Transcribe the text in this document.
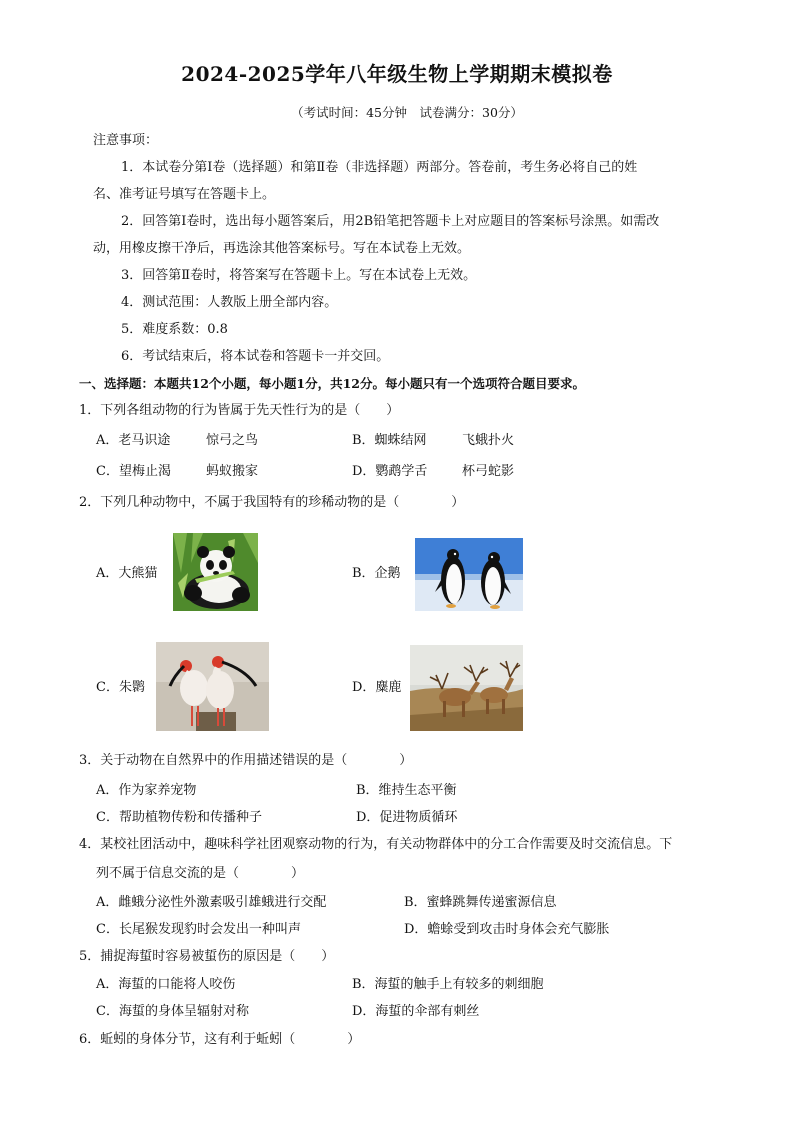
2024-2025学年八年级生物上学期期末模拟卷
（考试时间：45分钟　试卷满分：30分）
注意事项：
1．本试卷分第Ⅰ卷（选择题）和第Ⅱ卷（非选择题）两部分。答卷前，考生务必将自己的姓
名、准考证号填写在答题卡上。
2．回答第Ⅰ卷时，选出每小题答案后，用2B铅笔把答题卡上对应题目的答案标号涂黑。如需改
动，用橡皮擦干净后，再选涂其他答案标号。写在本试卷上无效。
3．回答第Ⅱ卷时，将答案写在答题卡上。写在本试卷上无效。
4．测试范围：人教版上册全部内容。
5．难度系数：0.8
6．考试结束后，将本试卷和答题卡一并交回。
一、选择题：本题共12个小题，每小题1分，共12分。每小题只有一个选项符合题目要求。
1．下列各组动物的行为皆属于先天性行为的是（　　）
A．老马识途	惊弓之鸟	B．蜘蛛结网	飞蛾扑火
C．望梅止渴	蚂蚁搬家	D．鹦鹉学舌	杯弓蛇影
2．下列几种动物中，不属于我国特有的珍稀动物的是（　　　　）
A．大熊猫	B．企鹅
C．朱鹮	D．麋鹿
3．关于动物在自然界中的作用描述错误的是（　　　　）
A．作为家养宠物	B．维持生态平衡
C．帮助植物传粉和传播种子	D．促进物质循环
4．某校社团活动中，趣味科学社团观察动物的行为，有关动物群体中的分工合作需要及时交流信息。下
列不属于信息交流的是（　　　　）
A．雌蛾分泌性外激素吸引雄蛾进行交配	B．蜜蜂跳舞传递蜜源信息
C．长尾猴发现豹时会发出一种叫声	D．蟾蜍受到攻击时身体会充气膨胀
5．捕捉海蜇时容易被蜇伤的原因是（　　）
A．海蜇的口能将人咬伤	B．海蜇的触手上有较多的刺细胞
C．海蜇的身体呈辐射对称	D．海蜇的伞部有刺丝
6．蚯蚓的身体分节，这有利于蚯蚓（　　　　）
